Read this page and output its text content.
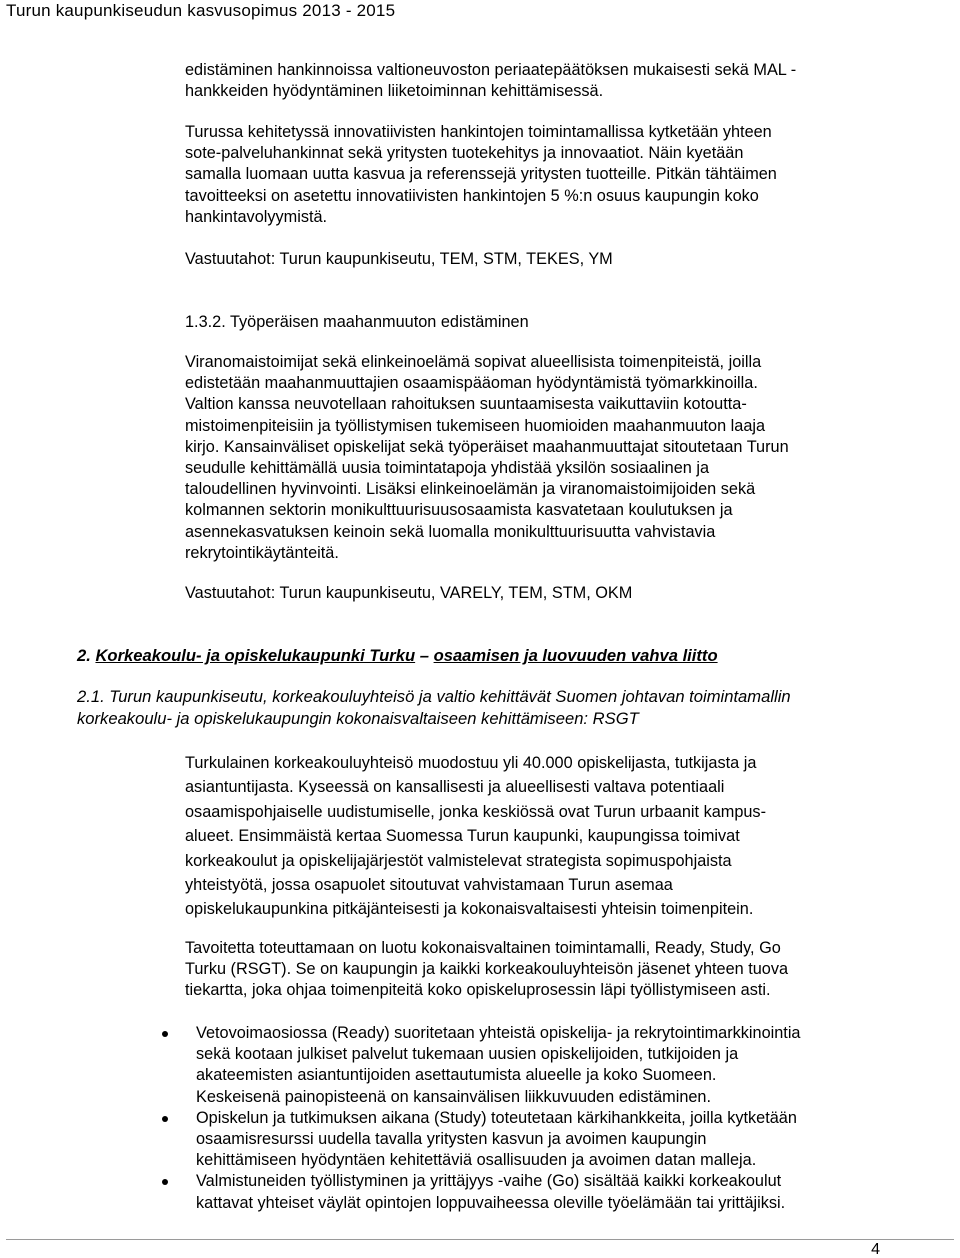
Turun kaupunkiseudun kasvusopimus 2013 - 2015
edistäminen hankinnoissa valtioneuvoston periaatepäätöksen mukaisesti sekä MAL -
hankkeiden hyödyntäminen liiketoiminnan kehittämisessä.
Turussa kehitetyssä innovatiivisten hankintojen toimintamallissa kytketään yhteen
sote-palveluhankinnat sekä yritysten tuotekehitys ja innovaatiot. Näin kyetään
samalla luomaan uutta kasvua ja referenssejä yritysten tuotteille. Pitkän tähtäimen
tavoitteeksi on asetettu innovatiivisten hankintojen 5 %:n osuus kaupungin koko
hankintavolyymistä.
Vastuutahot: Turun kaupunkiseutu, TEM, STM, TEKES, YM
1.3.2. Työperäisen maahanmuuton edistäminen
Viranomaistoimijat sekä elinkeinoelämä sopivat alueellisista toimenpiteistä, joilla
edistetään maahanmuuttajien osaamispääoman hyödyntämistä työmarkkinoilla.
Valtion kanssa neuvotellaan rahoituksen suuntaamisesta vaikuttaviin kotoutta-
mistoimenpiteisiin ja työllistymisen tukemiseen huomioiden maahanmuuton laaja
kirjo. Kansainväliset opiskelijat sekä työperäiset maahanmuuttajat sitoutetaan Turun
seudulle kehittämällä uusia toimintatapoja yhdistää yksilön sosiaalinen ja
taloudellinen hyvinvointi. Lisäksi elinkeinoelämän ja viranomaistoimijoiden sekä
kolmannen sektorin monikulttuurisuusosaamista kasvatetaan koulutuksen ja
asennekasvatuksen keinoin sekä luomalla monikulttuurisuutta vahvistavia
rekrytointikäytänteitä.
Vastuutahot: Turun kaupunkiseutu, VARELY, TEM, STM, OKM
2. Korkeakoulu- ja opiskelukaupunki Turku – osaamisen ja luovuuden vahva liitto
2.1. Turun kaupunkiseutu, korkeakouluyhteisö ja valtio kehittävät Suomen johtavan toimintamallin
korkeakoulu- ja opiskelukaupungin kokonaisvaltaiseen kehittämiseen: RSGT
Turkulainen korkeakouluyhteisö muodostuu yli 40.000 opiskelijasta, tutkijasta ja
asiantuntijasta. Kyseessä on kansallisesti ja alueellisesti valtava potentiaali
osaamispohjaiselle uudistumiselle, jonka keskiössä ovat Turun urbaanit kampus-
alueet. Ensimmäistä kertaa Suomessa Turun kaupunki, kaupungissa toimivat
korkeakoulut ja opiskelijajärjestöt valmistelevat strategista sopimuspohjaista
yhteistyötä, jossa osapuolet sitoutuvat vahvistamaan Turun asemaa
opiskelukaupunkina pitkäjänteisesti ja kokonaisvaltaisesti yhteisin toimenpitein.
Tavoitetta toteuttamaan on luotu kokonaisvaltainen toimintamalli, Ready, Study, Go
Turku (RSGT). Se on kaupungin ja kaikki korkeakouluyhteisön jäsenet yhteen tuova
tiekartta, joka ohjaa toimenpiteitä koko opiskeluprosessin läpi työllistymiseen asti.
Vetovoimaosiossa (Ready) suoritetaan yhteistä opiskelija- ja rekrytointimarkkinointia
sekä kootaan julkiset palvelut tukemaan uusien opiskelijoiden, tutkijoiden ja
akateemisten asiantuntijoiden asettautumista alueelle ja koko Suomeen.
Keskeisenä painopisteenä on kansainvälisen liikkuvuuden edistäminen.
Opiskelun ja tutkimuksen aikana (Study) toteutetaan kärkihankkeita, joilla kytketään
osaamisresurssi uudella tavalla yritysten kasvun ja avoimen kaupungin
kehittämiseen hyödyntäen kehitettäviä osallisuuden ja avoimen datan malleja.
Valmistuneiden työllistyminen ja yrittäjyys -vaihe (Go) sisältää kaikki korkeakoulut
kattavat yhteiset väylät opintojen loppuvaiheessa oleville työelämään tai yrittäjiksi.
4
